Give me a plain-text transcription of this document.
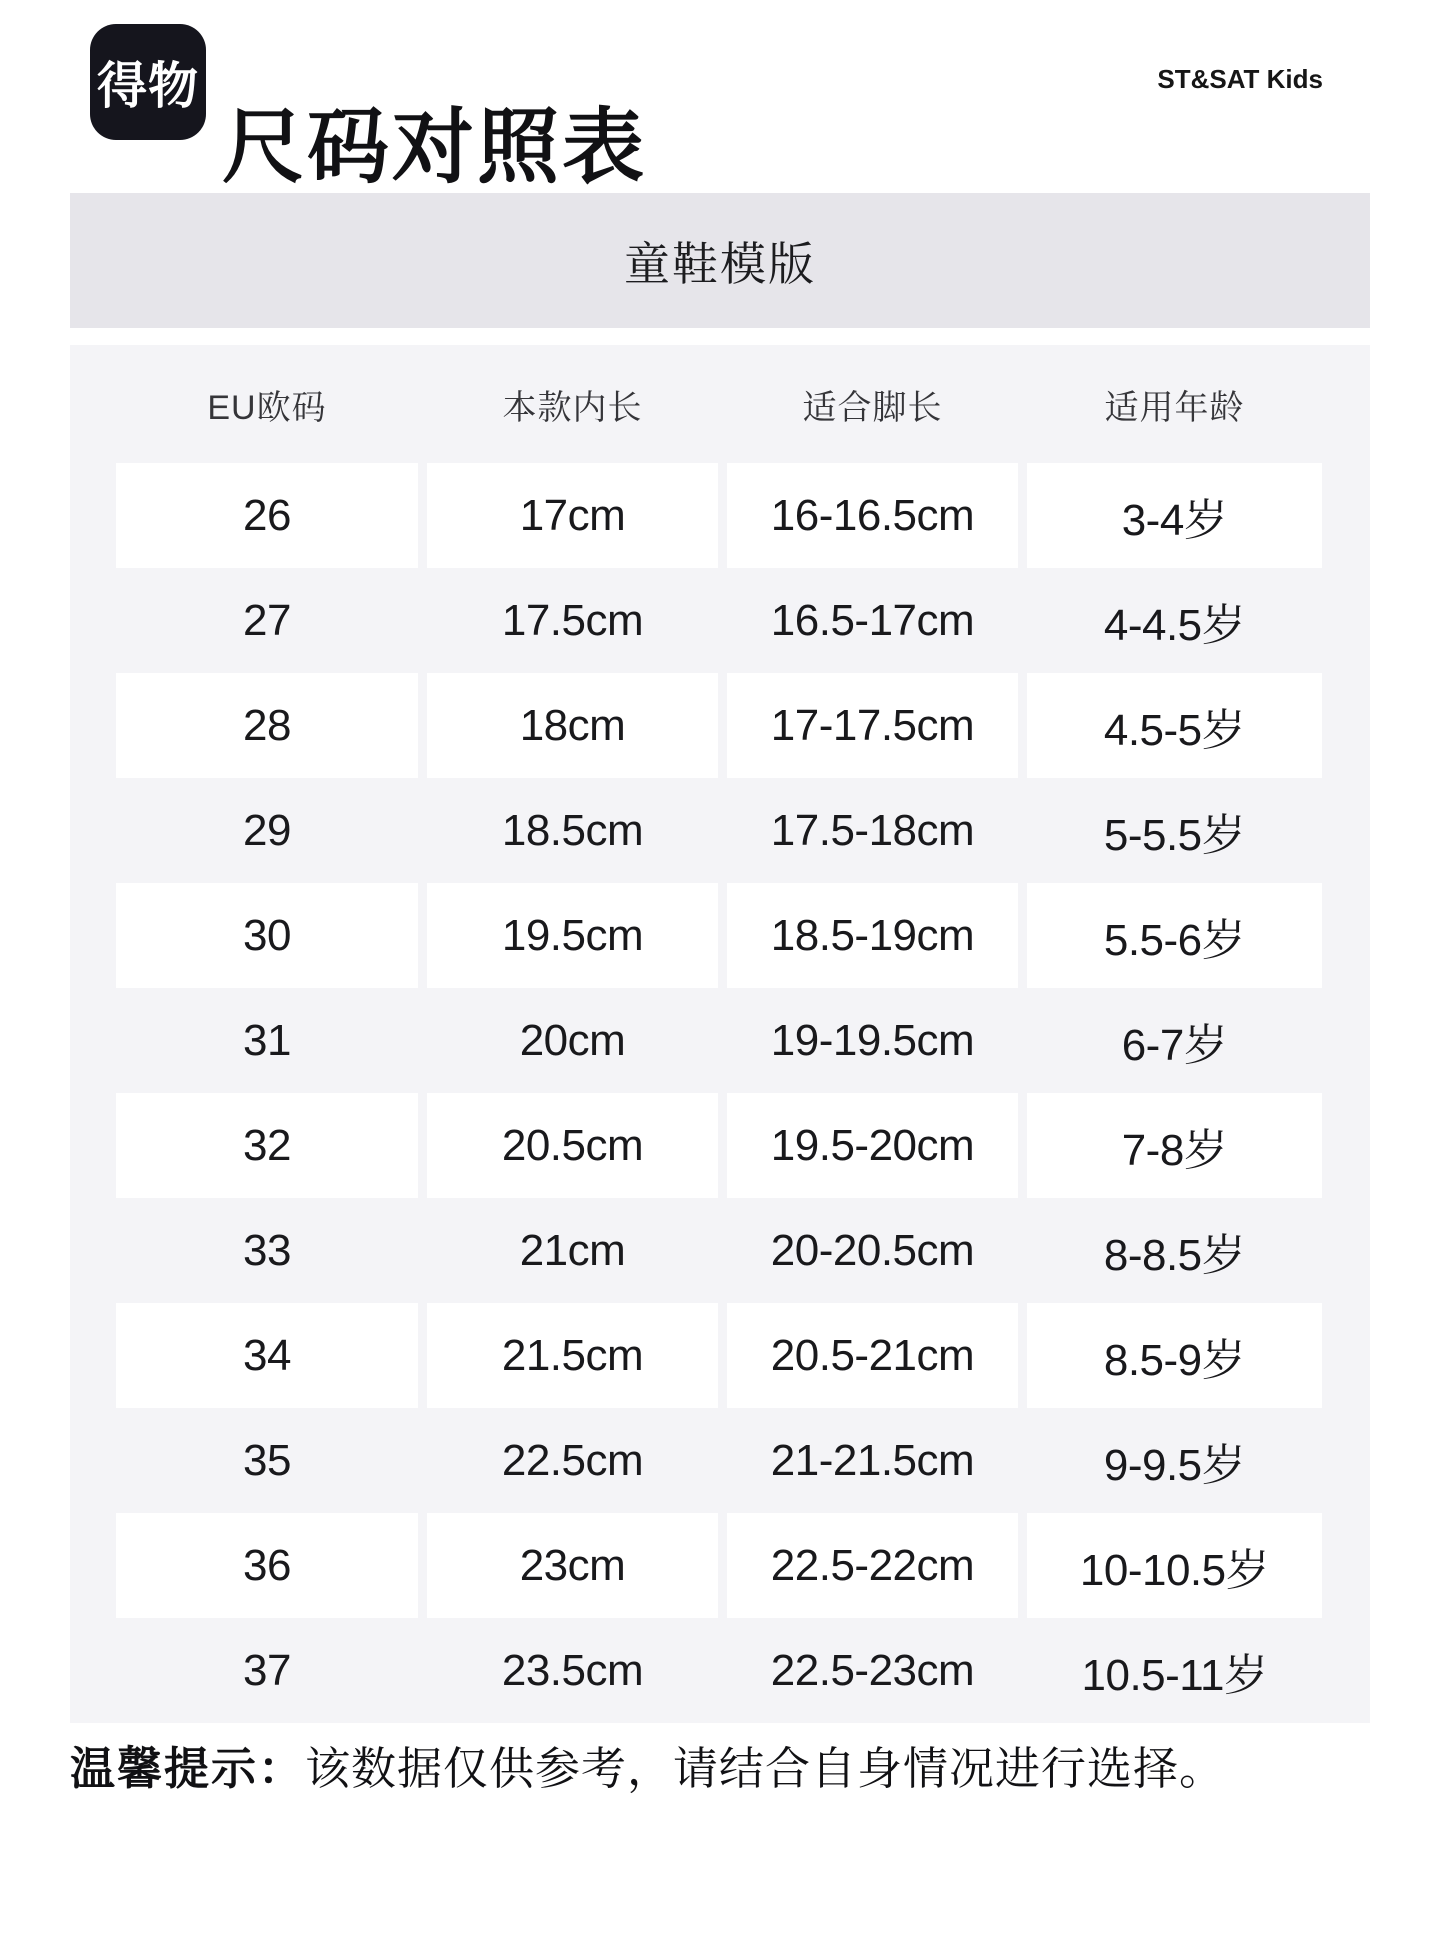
得物
尺码对照表
ST&SAT Kids
童鞋模版
EU欧码	本款内长	适合脚长	适用年龄
26	17cm	16-16.5cm	3-4岁
27	17.5cm	16.5-17cm	4-4.5岁
28	18cm	17-17.5cm	4.5-5岁
29	18.5cm	17.5-18cm	5-5.5岁
30	19.5cm	18.5-19cm	5.5-6岁
31	20cm	19-19.5cm	6-7岁
32	20.5cm	19.5-20cm	7-8岁
33	21cm	20-20.5cm	8-8.5岁
34	21.5cm	20.5-21cm	8.5-9岁
35	22.5cm	21-21.5cm	9-9.5岁
36	23cm	22.5-22cm	10-10.5岁
37	23.5cm	22.5-23cm	10.5-11岁

温馨提示：该数据仅供参考，请结合自身情况进行选择。
